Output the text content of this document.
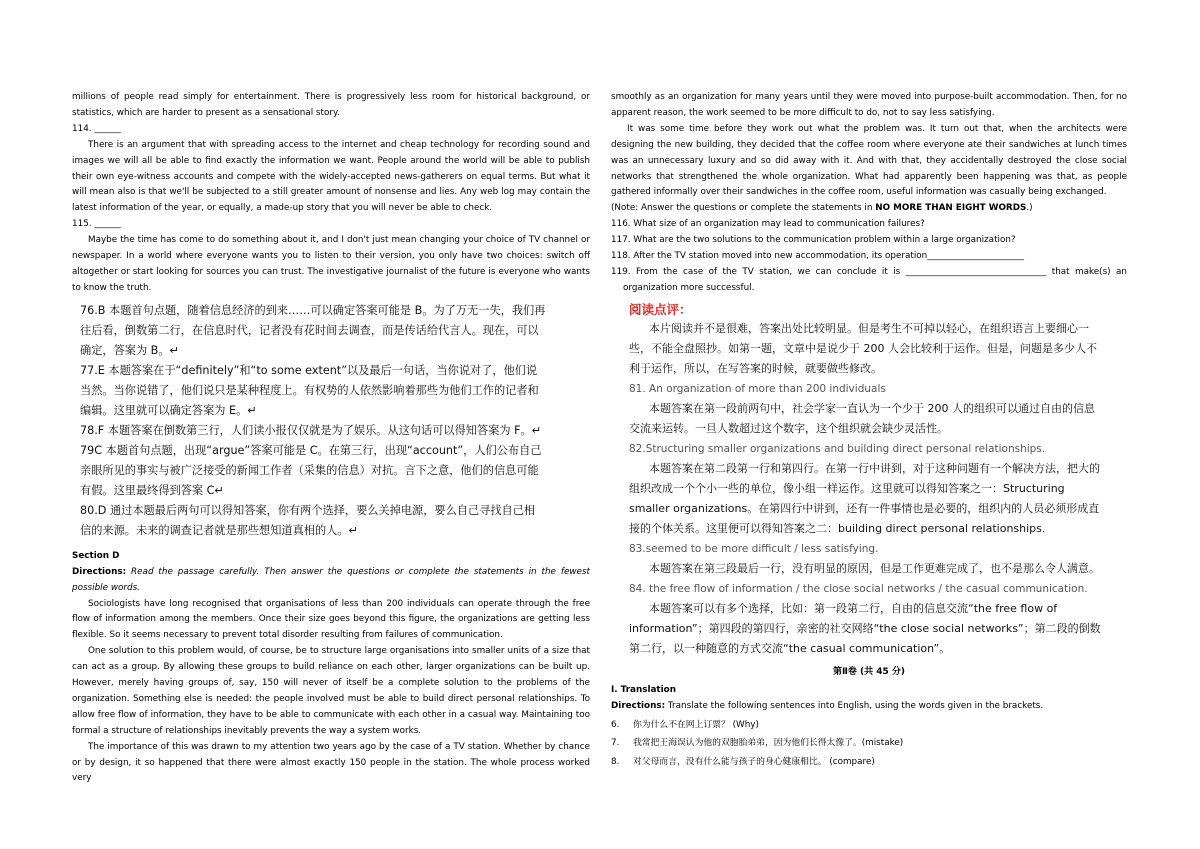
millions of people read simply for entertainment. There is progressively less room for historical background, or statistics, which are harder to present as a sensational story.

114. ______

There is an argument that with spreading access to the internet and cheap technology for recording sound and images we will all be able to find exactly the information we want. People around the world will be able to publish their own eye-witness accounts and compete with the widely-accepted news-gatherers on equal terms. But what it will mean also is that we'll be subjected to a still greater amount of nonsense and lies. Any web log may contain the latest information of the year, or equally, a made-up story that you will never be able to check.

115. ______

Maybe the time has come to do something about it, and I don't just mean changing your choice of TV channel or newspaper. In a world where everyone wants you to listen to their version, you only have two choices: switch off altogether or start looking for sources you can trust. The investigative journalist of the future is everyone who wants to know the truth.

76.B 本题首句点题，随着信息经济的到来……可以确定答案可能是 B。为了万无一失，我们再往后看，倒数第二行，在信息时代，记者没有花时间去调查，而是传话给代言人。现在，可以确定，答案为 B。↵

77.E 本题答案在于“definitely”和“to some extent”以及最后一句话，当你说对了，他们说当然。当你说错了，他们说只是某种程度上。有权势的人依然影响着那些为他们工作的记者和编辑。这里就可以确定答案为 E。↵

78.F 本题答案在倒数第三行，人们读小报仅仅就是为了娱乐。从这句话可以得知答案为 F。↵

79C 本题首句点题，出现“argue”答案可能是 C。在第三行，出现“account”，人们公布自己亲眼所见的事实与被广泛接受的新闻工作者（采集的信息）对抗。言下之意，他们的信息可能有假。这里最终得到答案 C↵

80.D 通过本题最后两句可以得知答案，你有两个选择，要么关掉电源，要么自己寻找自己相信的来源。未来的调查记者就是那些想知道真相的人。↵

Section D

Directions: Read the passage carefully. Then answer the questions or complete the statements in the fewest possible words.

Sociologists have long recognised that organisations of less than 200 individuals can operate through the free flow of information among the members. Once their size goes beyond this figure, the organizations are getting less flexible. So it seems necessary to prevent total disorder resulting from failures of communication.

One solution to this problem would, of course, be to structure large organisations into smaller units of a size that can act as a group. By allowing these groups to build reliance on each other, larger organizations can be built up. However, merely having groups of, say, 150 will never of itself be a complete solution to the problems of the organization. Something else is needed: the people involved must be able to build direct personal relationships. To allow free flow of information, they have to be able to communicate with each other in a casual way. Maintaining too formal a structure of relationships inevitably prevents the way a system works.

The importance of this was drawn to my attention two years ago by the case of a TV station. Whether by chance or by design, it so happened that there were almost exactly 150 people in the station. The whole process worked very

smoothly as an organization for many years until they were moved into purpose-built accommodation. Then, for no apparent reason, the work seemed to be more difficult to do, not to say less satisfying.

It was some time before they work out what the problem was. It turn out that, when the architects were designing the new building, they decided that the coffee room where everyone ate their sandwiches at lunch times was an unnecessary luxury and so did away with it. And with that, they accidentally destroyed the close social networks that strengthened the whole organization. What had apparently been happening was that, as people gathered informally over their sandwiches in the coffee room, useful information was casually being exchanged.

(Note: Answer the questions or complete the statements in NO MORE THAN EIGHT WORDS.)

116. What size of an organization may lead to communication failures?

117. What are the two solutions to the communication problem within a large organization?

118. After the TV station moved into new accommodation, its operation______________________

119. From the case of the TV station, we can conclude it is ________________________________ that make(s) an organization more successful.

阅读点评：

本片阅读并不是很难，答案出处比较明显。但是考生不可掉以轻心，在组织语言上要细心一些，不能全盘照抄。如第一题，文章中是说少于 200 人会比较利于运作。但是，问题是多少人不利于运作，所以，在写答案的时候，就要做些修改。

81. An organization of more than 200 individuals

本题答案在第一段前两句中，社会学家一直认为一个少于 200 人的组织可以通过自由的信息交流来运转。一旦人数超过这个数字，这个组织就会缺少灵活性。

82.Structuring smaller organizations and building direct personal relationships.

本题答案在第二段第一行和第四行。在第一行中讲到，对于这种问题有一个解决方法，把大的组织改成一个个小一些的单位，像小组一样运作。这里就可以得知答案之一：Structuring smaller organizations。在第四行中讲到，还有一件事情也是必要的，组织内的人员必须形成直接的个体关系。这里便可以得知答案之二：building direct personal relationships.

83.seemed to be more difficult / less satisfying.

本题答案在第三段最后一行，没有明显的原因，但是工作更难完成了，也不是那么令人满意。

84. the free flow of information / the close social networks / the casual communication.

本题答案可以有多个选择，比如：第一段第二行，自由的信息交流“the free flow of information”；第四段的第四行，亲密的社交网络“the close social networks”；第二段的倒数第二行，以一种随意的方式交流“the casual communication”。

第Ⅱ卷 (共 45 分)

I. Translation

Directions: Translate the following sentences into English, using the words given in the brackets.

6. 你为什么不在网上订票？ (Why)

7. 我常把王海误认为他的双胞胎弟弟，因为他们长得太像了。(mistake)

8. 对父母而言，没有什么能与孩子的身心健康相比。 (compare)
